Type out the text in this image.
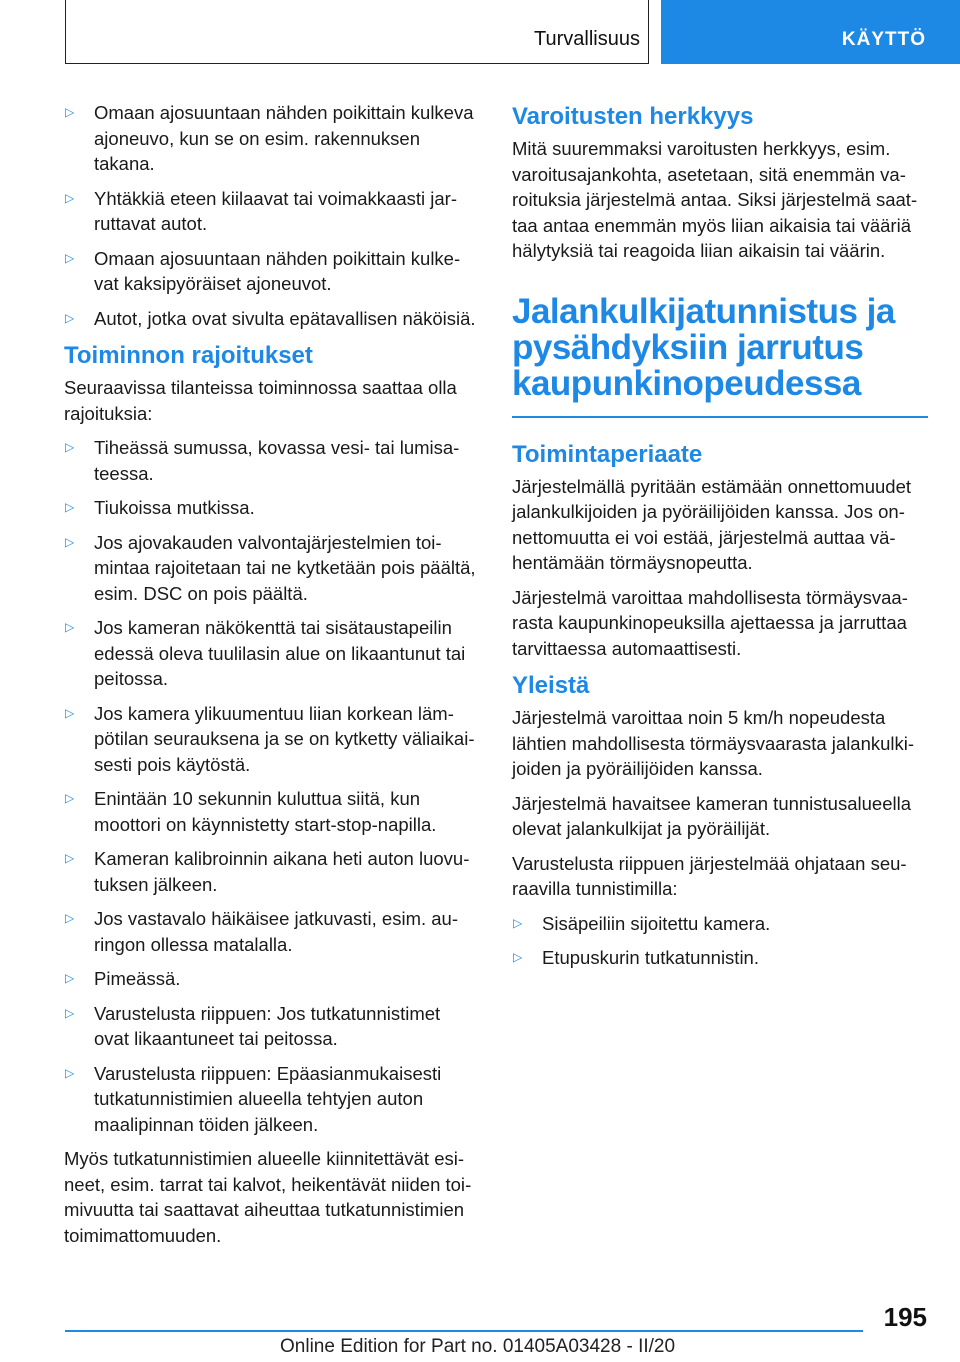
Turvallisuus	KÄYTTÖ
▷ Omaan ajosuuntaan nähden poikittain kulkeva ajoneuvo, kun se on esim. rakennuksen takana.
▷ Yhtäkkiä eteen kiilaavat tai voimakkaasti jarruttavat autot.
▷ Omaan ajosuuntaan nähden poikittain kulkevat kaksipyöräiset ajoneuvot.
▷ Autot, jotka ovat sivulta epätavallisen näköisiä.
Toiminnon rajoitukset

Seuraavissa tilanteissa toiminnossa saattaa olla rajoituksia:

▷ Tiheässä sumussa, kovassa vesi- tai lumisateessa.
▷ Tiukoissa mutkissa.
▷ Jos ajovakauden valvontajärjestelmien toimintaa rajoitetaan tai ne kytketään pois päältä, esim. DSC on pois päältä.
▷ Jos kameran näkökenttä tai sisätaustapeilin edessä oleva tuulilasin alue on likaantunut tai peitossa.
▷ Jos kamera ylikuumentuu liian korkean lämpötilan seurauksena ja se on kytketty väliaikaisesti pois käytöstä.
▷ Enintään 10 sekunnin kuluttua siitä, kun moottori on käynnistetty start-stop-napilla.
▷ Kameran kalibroinnin aikana heti auton luovutuksen jälkeen.
▷ Jos vastavalo häikäisee jatkuvasti, esim. auringon ollessa matalalla.
▷ Pimeässä.
▷ Varustelusta riippuen: Jos tutkatunnistimet ovat likaantuneet tai peitossa.
▷ Varustelusta riippuen: Epäasianmukaisesti tutkatunnistimien alueella tehtyjen auton maalipinnan töiden jälkeen.

Myös tutkatunnistimien alueelle kiinnitettävät esineet, esim. tarrat tai kalvot, heikentävät niiden toimivuutta tai saattavat aiheuttaa tutkatunnistimien toimimattomuuden.

Varoitusten herkkyys

Mitä suuremmaksi varoitusten herkkyys, esim. varoitusajankohta, asetetaan, sitä enemmän varoituksia järjestelmä antaa. Siksi järjestelmä saattaa antaa enemmän myös liian aikaisia tai vääriä hälytyksiä tai reagoida liian aikaisin tai väärin.

Jalankulkijatunnistus ja pysähdyksiin jarrutus kaupunkinopeudessa
Toimintaperiaate

Järjestelmällä pyritään estämään onnettomuudet jalankulkijoiden ja pyöräilijöiden kanssa. Jos onnettomuutta ei voi estää, järjestelmä auttaa vähentämään törmäysnopeutta.

Järjestelmä varoittaa mahdollisesta törmäysvaarasta kaupunkinopeuksilla ajettaessa ja jarruttaa tarvittaessa automaattisesti.

Yleistä

Järjestelmä varoittaa noin 5 km/h nopeudesta lähtien mahdollisesta törmäysvaarasta jalankulkijoiden ja pyöräilijöiden kanssa.

Järjestelmä havaitsee kameran tunnistusalueella olevat jalankulkijat ja pyöräilijät.

Varustelusta riippuen järjestelmää ohjataan seuraavilla tunnistimilla:

▷ Sisäpeiliin sijoitettu kamera.
▷ Etupuskurin tutkatunnistin.
195
Online Edition for Part no. 01405A03428 - II/20
